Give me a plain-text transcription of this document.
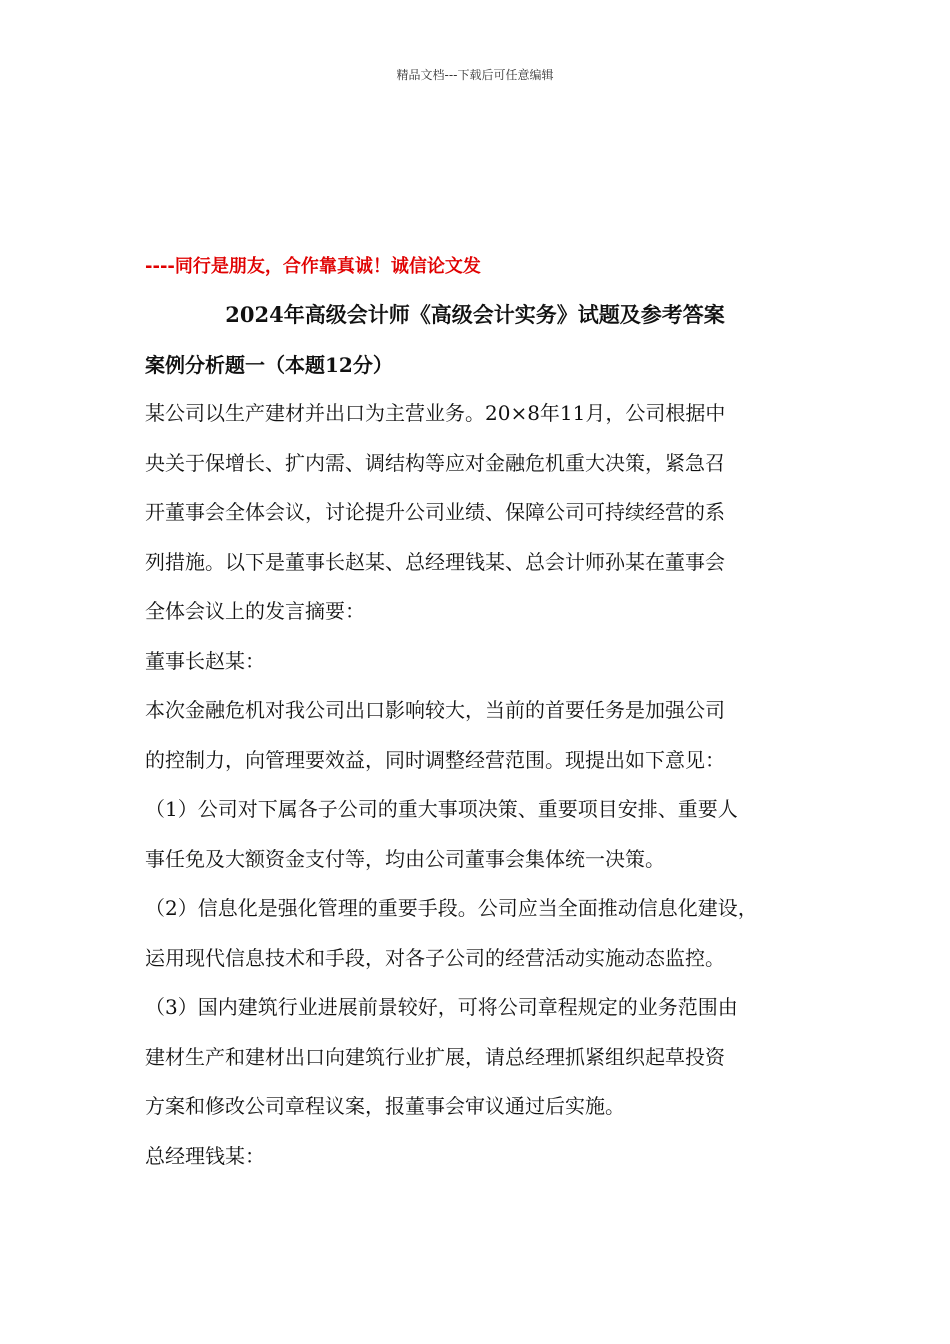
精品文档---下载后可任意编辑
----同行是朋友，合作靠真诚！诚信论文发
2024年高级会计师《高级会计实务》试题及参考答案
案例分析题一（本题12分）
某公司以生产建材并出口为主营业务。20×8年11月，公司根据中
央关于保增长、扩内需、调结构等应对金融危机重大决策，紧急召
开董事会全体会议，讨论提升公司业绩、保障公司可持续经营的系
列措施。以下是董事长赵某、总经理钱某、总会计师孙某在董事会
全体会议上的发言摘要：
董事长赵某：
本次金融危机对我公司出口影响较大，当前的首要任务是加强公司
的控制力，向管理要效益，同时调整经营范围。现提出如下意见：
（1）公司对下属各子公司的重大事项决策、重要项目安排、重要人
事任免及大额资金支付等，均由公司董事会集体统一决策。
（2）信息化是强化管理的重要手段。公司应当全面推动信息化建设，
运用现代信息技术和手段，对各子公司的经营活动实施动态监控。
（3）国内建筑行业进展前景较好，可将公司章程规定的业务范围由
建材生产和建材出口向建筑行业扩展，请总经理抓紧组织起草投资
方案和修改公司章程议案，报董事会审议通过后实施。
总经理钱某：
